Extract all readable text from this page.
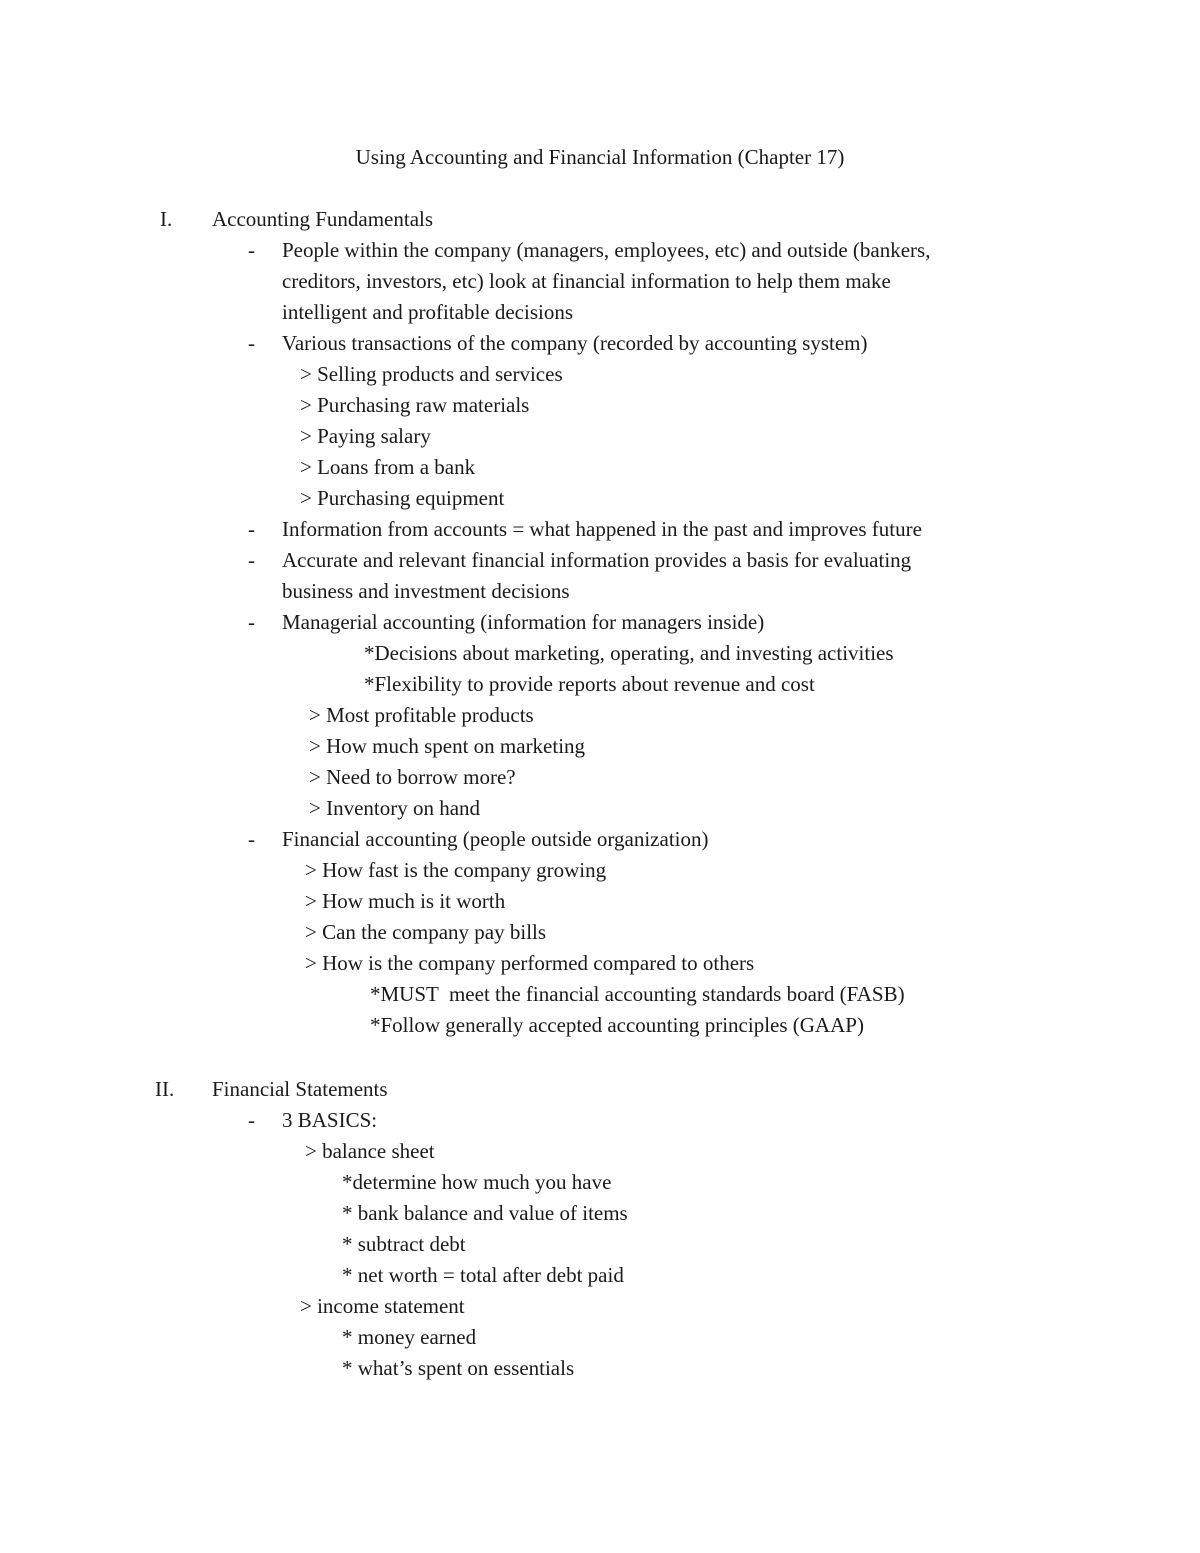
Using Accounting and Financial Information (Chapter 17)
I. Accounting Fundamentals
- People within the company (managers, employees, etc) and outside (bankers,
creditors, investors, etc) look at financial information to help them make
intelligent and profitable decisions
- Various transactions of the company (recorded by accounting system)
> Selling products and services
> Purchasing raw materials
> Paying salary
> Loans from a bank
> Purchasing equipment
- Information from accounts = what happened in the past and improves future
- Accurate and relevant financial information provides a basis for evaluating
business and investment decisions
- Managerial accounting (information for managers inside)
*Decisions about marketing, operating, and investing activities
*Flexibility to provide reports about revenue and cost
> Most profitable products
> How much spent on marketing
> Need to borrow more?
> Inventory on hand
- Financial accounting (people outside organization)
> How fast is the company growing
> How much is it worth
> Can the company pay bills
> How is the company performed compared to others
*MUST  meet the financial accounting standards board (FASB)
*Follow generally accepted accounting principles (GAAP)
II. Financial Statements
- 3 BASICS:
> balance sheet
*determine how much you have
* bank balance and value of items
* subtract debt
* net worth = total after debt paid
> income statement
* money earned
* what’s spent on essentials
